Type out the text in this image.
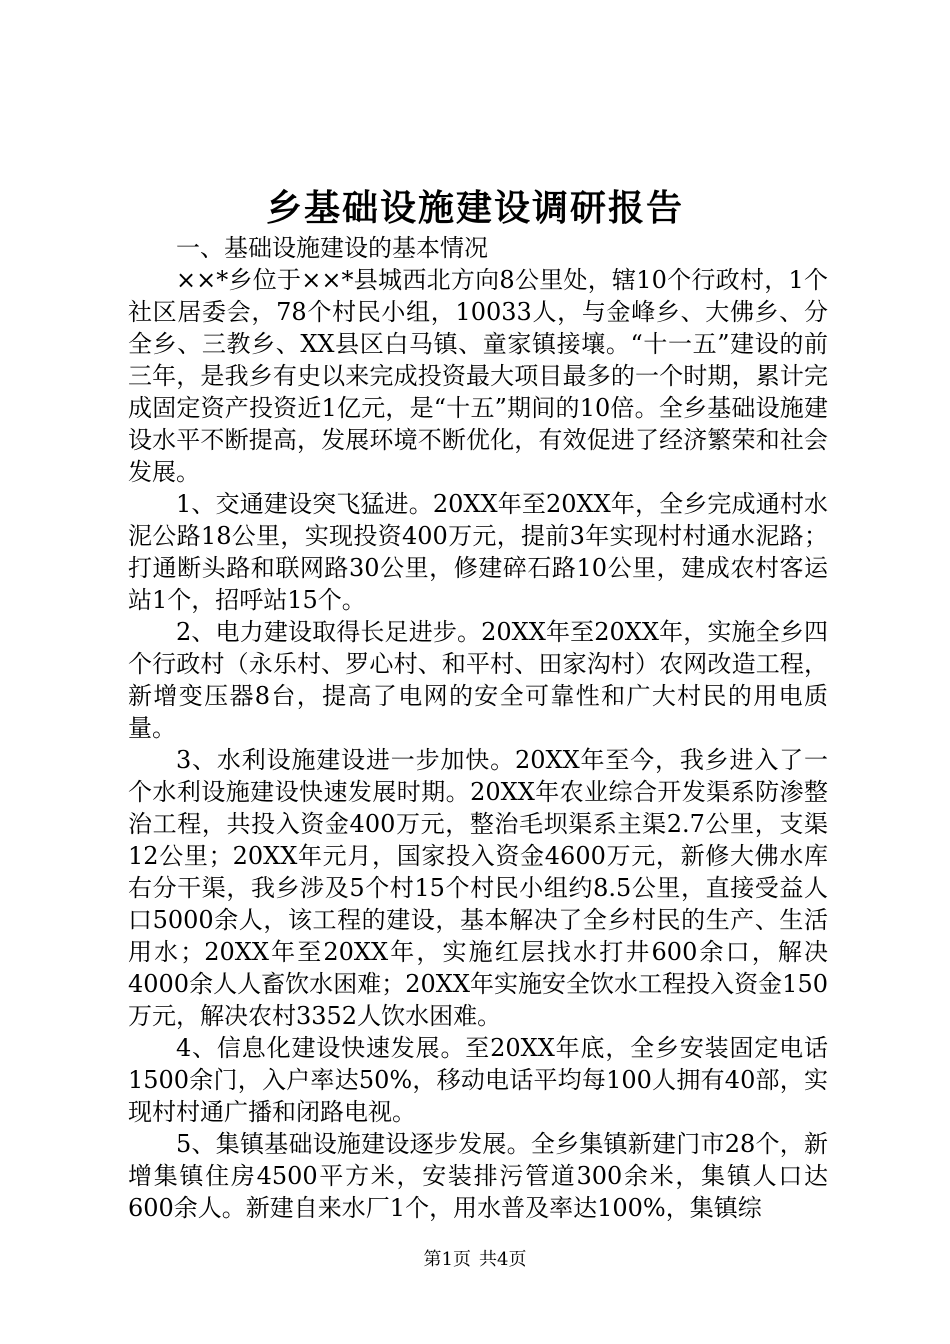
乡基础设施建设调研报告

一、基础设施建设的基本情况

××*乡位于××*县城西北方向8公里处，辖10个行政村，1个社区居委会，78个村民小组，10033人，与金峰乡、大佛乡、分全乡、三教乡、XX县区白马镇、童家镇接壤。“十一五”建设的前三年，是我乡有史以来完成投资最大项目最多的一个时期，累计完成固定资产投资近1亿元，是“十五”期间的10倍。全乡基础设施建设水平不断提高，发展环境不断优化，有效促进了经济繁荣和社会发展。

1、交通建设突飞猛进。20XX年至20XX年，全乡完成通村水泥公路18公里，实现投资400万元，提前3年实现村村通水泥路；打通断头路和联网路30公里，修建碎石路10公里，建成农村客运站1个，招呼站15个。

2、电力建设取得长足进步。20XX年至20XX年，实施全乡四个行政村（永乐村、罗心村、和平村、田家沟村）农网改造工程，新增变压器8台，提高了电网的安全可靠性和广大村民的用电质量。

3、水利设施建设进一步加快。20XX年至今，我乡进入了一个水利设施建设快速发展时期。20XX年农业综合开发渠系防渗整治工程，共投入资金400万元，整治毛坝渠系主渠2.7公里，支渠12公里；20XX年元月，国家投入资金4600万元，新修大佛水库右分干渠，我乡涉及5个村15个村民小组约8.5公里，直接受益人口5000余人，该工程的建设，基本解决了全乡村民的生产、生活用水；20XX年至20XX年，实施红层找水打井600余口，解决4000余人人畜饮水困难；20XX年实施安全饮水工程投入资金150万元，解决农村3352人饮水困难。

4、信息化建设快速发展。至20XX年底，全乡安装固定电话1500余门，入户率达50%，移动电话平均每100人拥有40部，实现村村通广播和闭路电视。

5、集镇基础设施建设逐步发展。全乡集镇新建门市28个，新增集镇住房4500平方米，安装排污管道300余米，集镇人口达600余人。新建自来水厂1个，用水普及率达100%，集镇综

第1页 共4页
